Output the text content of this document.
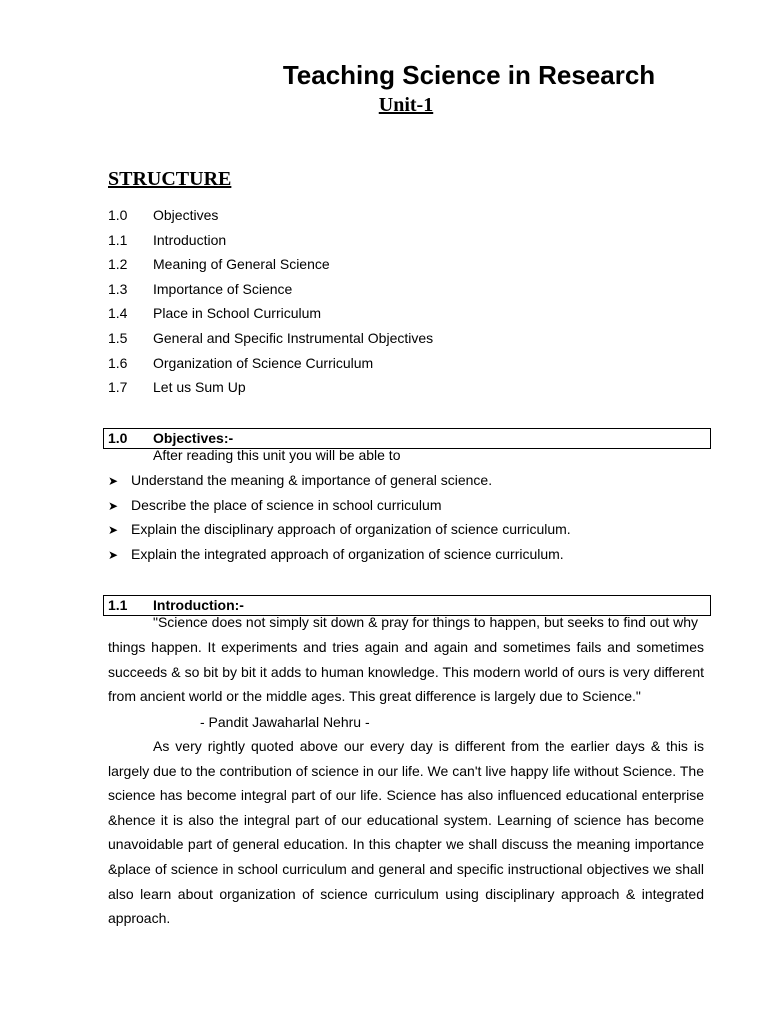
Teaching Science in Research
Unit-1
STRUCTURE
1.0 Objectives
1.1 Introduction
1.2 Meaning of General Science
1.3 Importance of Science
1.4 Place in School Curriculum
1.5 General and Specific Instrumental Objectives
1.6 Organization of Science Curriculum
1.7 Let us Sum Up
1.0 Objectives:-
After reading this unit you will be able to
➤ Understand the meaning & importance of general science.
➤ Describe the place of science in school curriculum
➤ Explain the disciplinary approach of organization of science curriculum.
➤ Explain the integrated approach of organization of science curriculum.
1.1 Introduction:-
"Science does not simply sit down & pray for things to happen, but seeks to find out why

things happen. It experiments and tries again and again and sometimes fails and sometimes succeeds & so bit by bit it adds to human knowledge. This modern world of ours is very different from ancient world or the middle ages. This great difference is largely due to Science."

- Pandit Jawaharlal Nehru -

As very rightly quoted above our every day is different from the earlier days & this is largely due to the contribution of science in our life. We can't live happy life without Science. The science has become integral part of our life. Science has also influenced educational enterprise &hence it is also the integral part of our educational system. Learning of science has become unavoidable part of general education. In this chapter we shall discuss the meaning importance &place of science in school curriculum and general and specific instructional objectives we shall also learn about organization of science curriculum using disciplinary approach & integrated approach.
